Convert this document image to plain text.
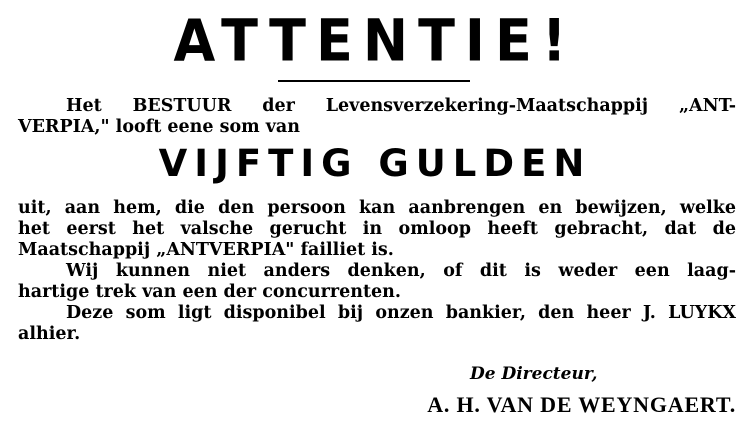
ATTENTIE!
Het BESTUUR der Levensverzekering-Maatschappij „ANT-
VERPIA," looft eene som van
VIJFTIG GULDEN
uit, aan hem, die den persoon kan aanbrengen en bewijzen, welke
het eerst het valsche gerucht in omloop heeft gebracht, dat de
Maatschappij „ANTVERPIA" failliet is.
Wij kunnen niet anders denken, of dit is weder een laag-
hartige trek van een der concurrenten.
Deze som ligt disponibel bij onzen bankier, den heer J. LUYKX
alhier.
De Directeur,
A. H. VAN DE WEYNGAERT.
